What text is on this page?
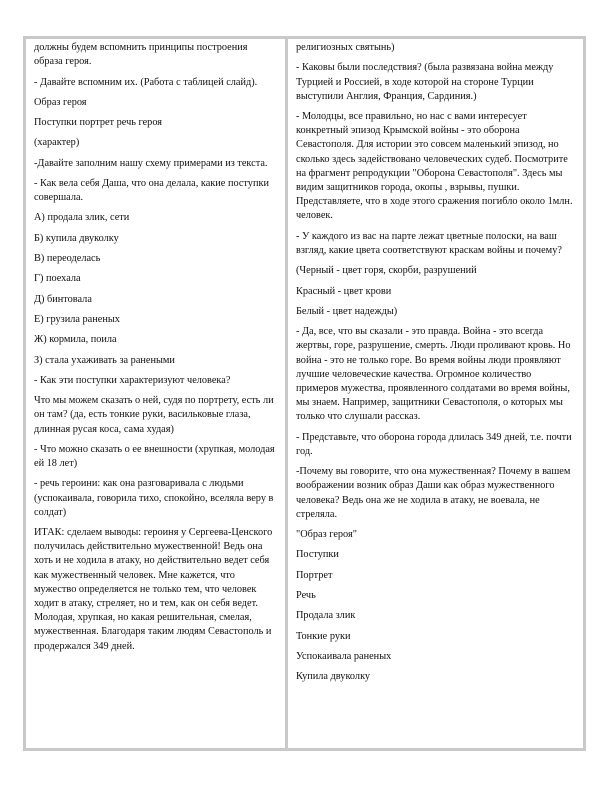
должны будем вспомнить принципы построения образа героя.

- Давайте вспомним их. (Работа с таблицей слайд).

Образ героя

Поступки портрет речь героя

(характер)

-Давайте заполним нашу схему примерами из текста.

- Как вела себя Даша, что она делала, какие поступки совершала.

А) продала злик, сети

Б) купила двуколку

В) переоделась

Г) поехала

Д) бинтовала

Е) грузила раненых

Ж) кормила, поила

З) стала ухаживать за ранеными

- Как эти поступки характеризуют человека?

Что мы можем сказать о ней, судя по портрету, есть ли он там? (да, есть тонкие руки, васильковые глаза, длинная русая коса, сама худая)

- Что можно сказать о ее внешности (хрупкая, молодая ей 18 лет)

- речь героини: как она разговаривала с людьми (успокаивала, говорила тихо, спокойно, вселяла веру в солдат)

ИТАК: сделаем выводы: героиня у Сергеева-Ценского получилась действительно мужественной! Ведь она хоть и не ходила в атаку, но действительно ведет себя как мужественный человек. Мне кажется, что мужество определяется не только тем, что человек ходит в атаку, стреляет, но и тем, как он себя ведет. Молодая, хрупкая, но какая решительная, смелая, мужественная. Благодаря таким людям Севастополь и продержался 349 дней.

религиозных святынь)

- Каковы были последствия? (была развязана война между Турцией и Россией, в ходе которой на стороне Турции выступили Англия, Франция, Сардиния.)

- Молодцы, все правильно, но нас с вами интересует конкретный эпизод Крымской войны - это оборона Севастополя. Для истории это совсем маленький эпизод, но сколько здесь задействовано человеческих судеб. Посмотрите на фрагмент репродукции "Оборона Севастополя". Здесь мы видим защитников города, окопы , взрывы, пушки. Представляете, что в ходе этого сражения погибло около 1млн. человек.

- У каждого из вас на парте лежат цветные полоски, на ваш взгляд, какие цвета соответствуют краскам войны и почему?

(Черный - цвет горя, скорби, разрушений

Красный - цвет крови

Белый - цвет надежды)

- Да, все, что вы сказали - это правда. Война - это всегда жертвы, горе, разрушение, смерть. Люди проливают кровь. Но война - это не только горе. Во время войны люди проявляют лучшие человеческие качества. Огромное количество примеров мужества, проявленного солдатами во время войны, мы знаем. Например, защитники Севастополя, о которых мы только что слушали рассказ.

- Представьте, что оборона города длилась 349 дней, т.е. почти год.

-Почему вы говорите, что она мужественная? Почему в вашем воображении возник образ Даши как образ мужественного человека? Ведь она же не ходила в атаку, не воевала, не стреляла.

"Образ героя"

Поступки

Портрет

Речь

Продала злик

Тонкие руки

Успокаивала раненых

Купила двуколку
